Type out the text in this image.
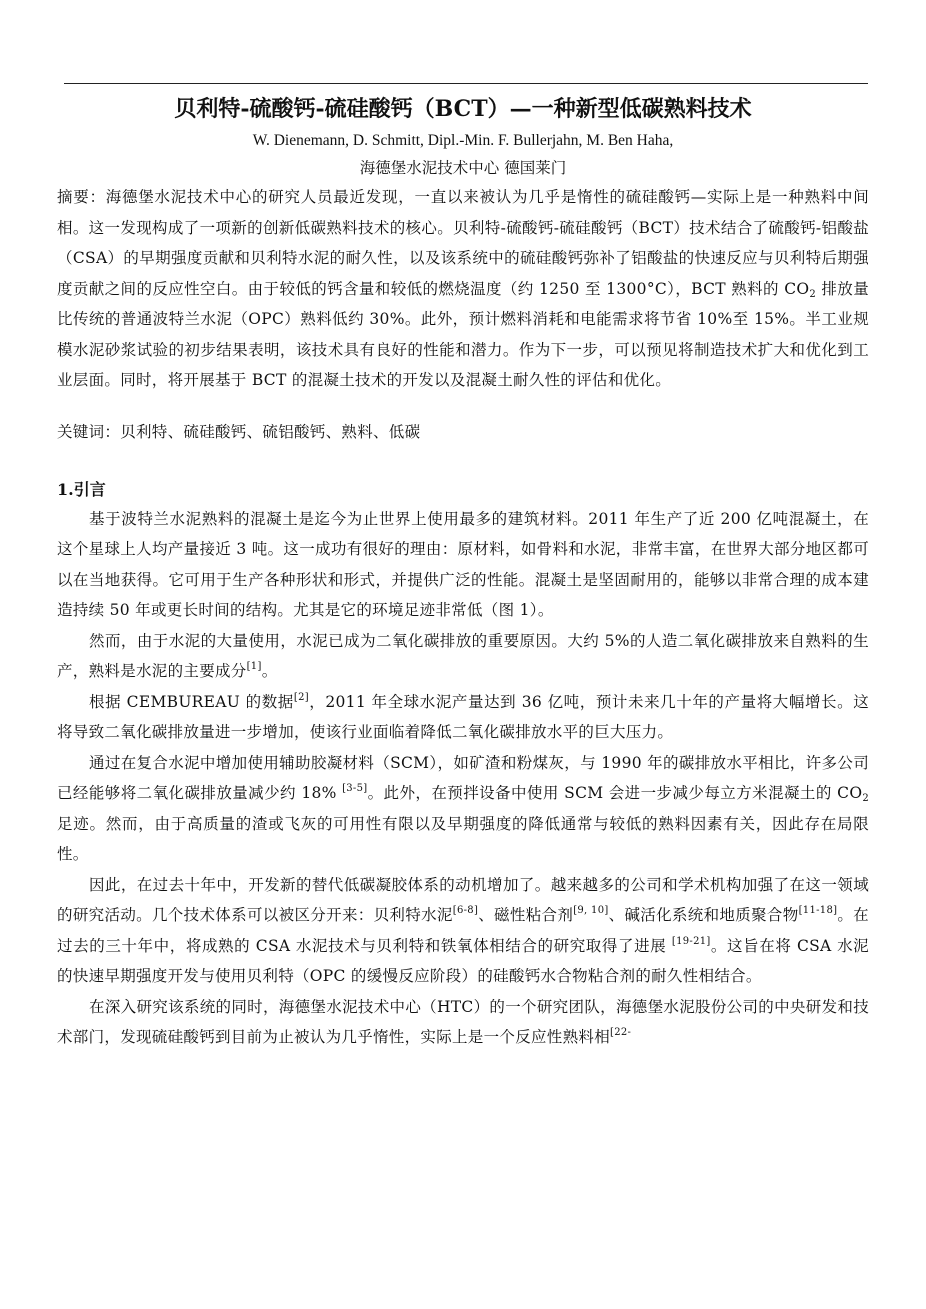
贝利特-硫酸钙-硫硅酸钙（BCT）—一种新型低碳熟料技术
W. Dienemann, D. Schmitt, Dipl.-Min. F. Bullerjahn, M. Ben Haha,
海德堡水泥技术中心 德国莱门

摘要：海德堡水泥技术中心的研究人员最近发现，一直以来被认为几乎是惰性的硫硅酸钙—实际上是一种熟料中间相。这一发现构成了一项新的创新低碳熟料技术的核心。贝利特-硫酸钙-硫硅酸钙（BCT）技术结合了硫酸钙-铝酸盐（CSA）的早期强度贡献和贝利特水泥的耐久性，以及该系统中的硫硅酸钙弥补了铝酸盐的快速反应与贝利特后期强度贡献之间的反应性空白。由于较低的钙含量和较低的燃烧温度（约 1250 至 1300°C），BCT 熟料的 $CO_2$ 排放量比传统的普通波特兰水泥（OPC）熟料低约 30%。此外，预计燃料消耗和电能需求将节省 10%至 15%。半工业规模水泥砂浆试验的初步结果表明，该技术具有良好的性能和潜力。作为下一步，可以预见将制造技术扩大和优化到工业层面。同时，将开展基于 BCT 的混凝土技术的开发以及混凝土耐久性的评估和优化。

关键词：贝利特、硫硅酸钙、硫铝酸钙、熟料、低碳
1.引言

基于波特兰水泥熟料的混凝土是迄今为止世界上使用最多的建筑材料。2011 年生产了近 200 亿吨混凝土，在这个星球上人均产量接近 3 吨。这一成功有很好的理由：原材料，如骨料和水泥，非常丰富，在世界大部分地区都可以在当地获得。它可用于生产各种形状和形式，并提供广泛的性能。混凝土是坚固耐用的，能够以非常合理的成本建造持续 50 年或更长时间的结构。尤其是它的环境足迹非常低（图 1）。

然而，由于水泥的大量使用，水泥已成为二氧化碳排放的重要原因。大约 5%的人造二氧化碳排放来自熟料的生产，熟料是水泥的主要成分[1]。

根据 CEMBUREAU 的数据[2]，2011 年全球水泥产量达到 36 亿吨，预计未来几十年的产量将大幅增长。这将导致二氧化碳排放量进一步增加，使该行业面临着降低二氧化碳排放水平的巨大压力。

通过在复合水泥中增加使用辅助胶凝材料（SCM），如矿渣和粉煤灰，与 1990 年的碳排放水平相比，许多公司已经能够将二氧化碳排放量减少约 18% [3-5]。此外，在预拌设备中使用 SCM 会进一步减少每立方米混凝土的 $CO_2$ 足迹。然而，由于高质量的渣或飞灰的可用性有限以及早期强度的降低通常与较低的熟料因素有关，因此存在局限性。

因此，在过去十年中，开发新的替代低碳凝胶体系的动机增加了。越来越多的公司和学术机构加强了在这一领域的研究活动。几个技术体系可以被区分开来：贝利特水泥[6-8]、磁性粘合剂[9, 10]、碱活化系统和地质聚合物[11-18]。在过去的三十年中，将成熟的 CSA 水泥技术与贝利特和铁氧体相结合的研究取得了进展 [19-21]。这旨在将 CSA 水泥的快速早期强度开发与使用贝利特（OPC 的缓慢反应阶段）的硅酸钙水合物粘合剂的耐久性相结合。

在深入研究该系统的同时，海德堡水泥技术中心（HTC）的一个研究团队，海德堡水泥股份公司的中央研发和技术部门，发现硫硅酸钙到目前为止被认为几乎惰性，实际上是一个反应性熟料相$^{[22-}$
